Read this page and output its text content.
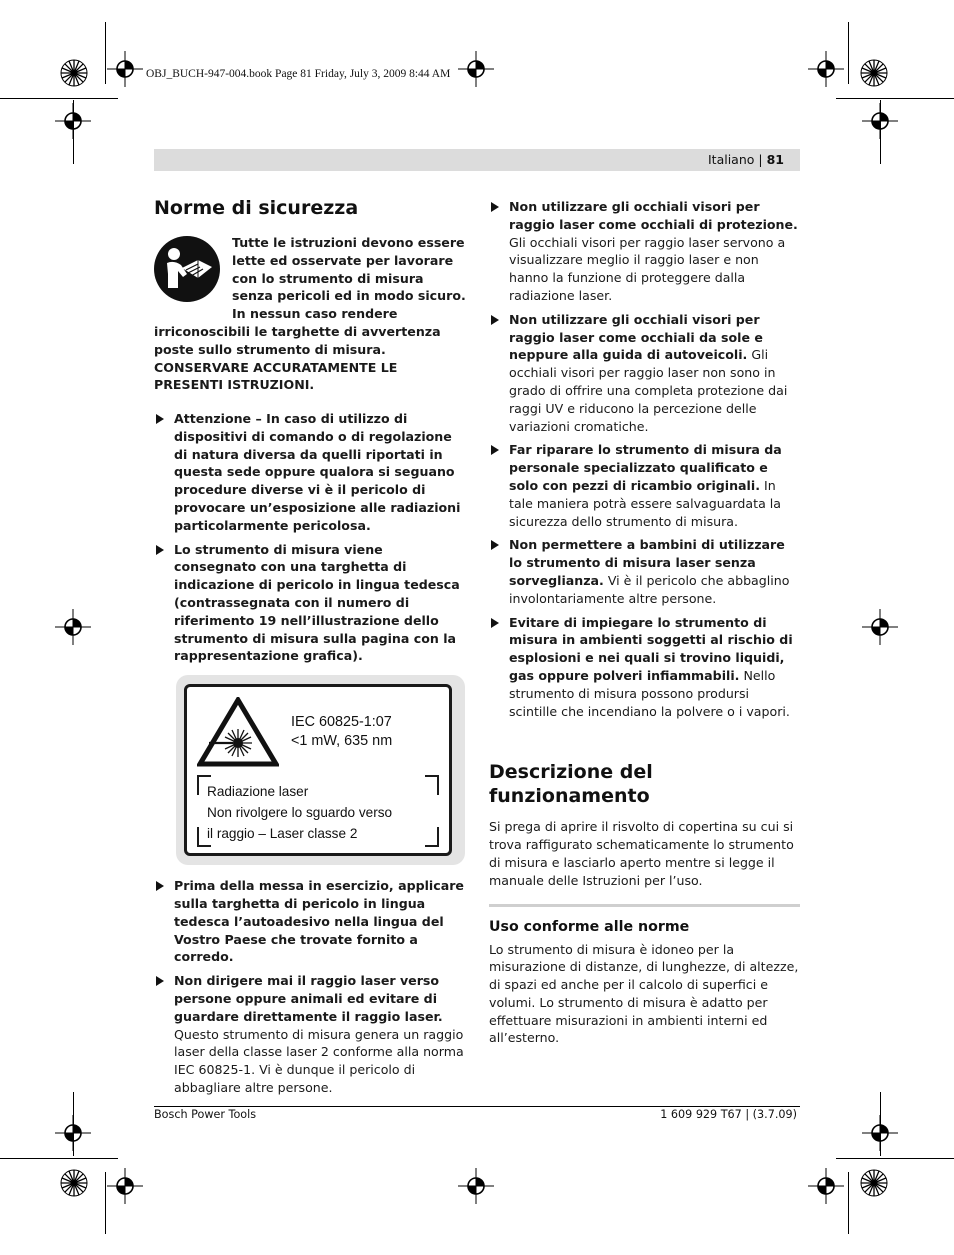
OBJ_BUCH-947-004.book Page 81 Friday, July 3, 2009 8:44 AM
Italiano | 81
Norme di sicurezza

Tutte le istruzioni devono essere lette ed osservate per lavorare con lo strumento di misura senza pericoli ed in modo sicuro. In nessun caso rendere irriconoscibili le targhette di avvertenza poste sullo strumento di misura. CONSERVARE ACCURATAMENTE LE PRESENTI ISTRUZIONI.

Attenzione – In caso di utilizzo di dispositivi di comando o di regolazione di natura diversa da quelli riportati in questa sede oppure qualora si seguano procedure diverse vi è il pericolo di provocare un’esposizione alle radiazioni particolarmente pericolosa.
Lo strumento di misura viene consegnato con una targhetta di indicazione di pericolo in lingua tedesca (contrassegnata con il numero di riferimento 19 nell’illustrazione dello strumento di misura sulla pagina con la rappresentazione grafica).
IEC 60825-1:07
<1 mW, 635 nm
Radiazione laser
Non rivolgere lo sguardo verso
il raggio – Laser classe 2
Prima della messa in esercizio, applicare sulla targhetta di pericolo in lingua tedesca l’autoadesivo nella lingua del Vostro Paese che trovate fornito a corredo.
Non dirigere mai il raggio laser verso persone oppure animali ed evitare di guardare direttamente il raggio laser. Questo strumento di misura genera un raggio laser della classe laser 2 conforme alla norma IEC 60825-1. Vi è dunque il pericolo di abbagliare altre persone.
Non utilizzare gli occhiali visori per raggio laser come occhiali di protezione. Gli occhiali visori per raggio laser servono a visualizzare meglio il raggio laser e non hanno la funzione di proteggere dalla radiazione laser.
Non utilizzare gli occhiali visori per raggio laser come occhiali da sole e neppure alla guida di autoveicoli. Gli occhiali visori per raggio laser non sono in grado di offrire una completa protezione dai raggi UV e riducono la percezione delle variazioni cromatiche.
Far riparare lo strumento di misura da personale specializzato qualificato e solo con pezzi di ricambio originali. In tale maniera potrà essere salvaguardata la sicurezza dello strumento di misura.
Non permettere a bambini di utilizzare lo strumento di misura laser senza sorveglianza. Vi è il pericolo che abbaglino involontariamente altre persone.
Evitare di impiegare lo strumento di misura in ambienti soggetti al rischio di esplosioni e nei quali si trovino liquidi, gas oppure polveri infiammabili. Nello strumento di misura possono prodursi scintille che incendiano la polvere o i vapori.
Descrizione del funzionamento

Si prega di aprire il risvolto di copertina su cui si trova raffigurato schematicamente lo strumento di misura e lasciarlo aperto mentre si legge il manuale delle Istruzioni per l’uso.

Uso conforme alle norme

Lo strumento di misura è idoneo per la misurazione di distanze, di lunghezze, di altezze, di spazi ed anche per il calcolo di superfici e volumi. Lo strumento di misura è adatto per effettuare misurazioni in ambienti interni ed all’esterno.

Bosch Power Tools	1 609 929 T67 | (3.7.09)
